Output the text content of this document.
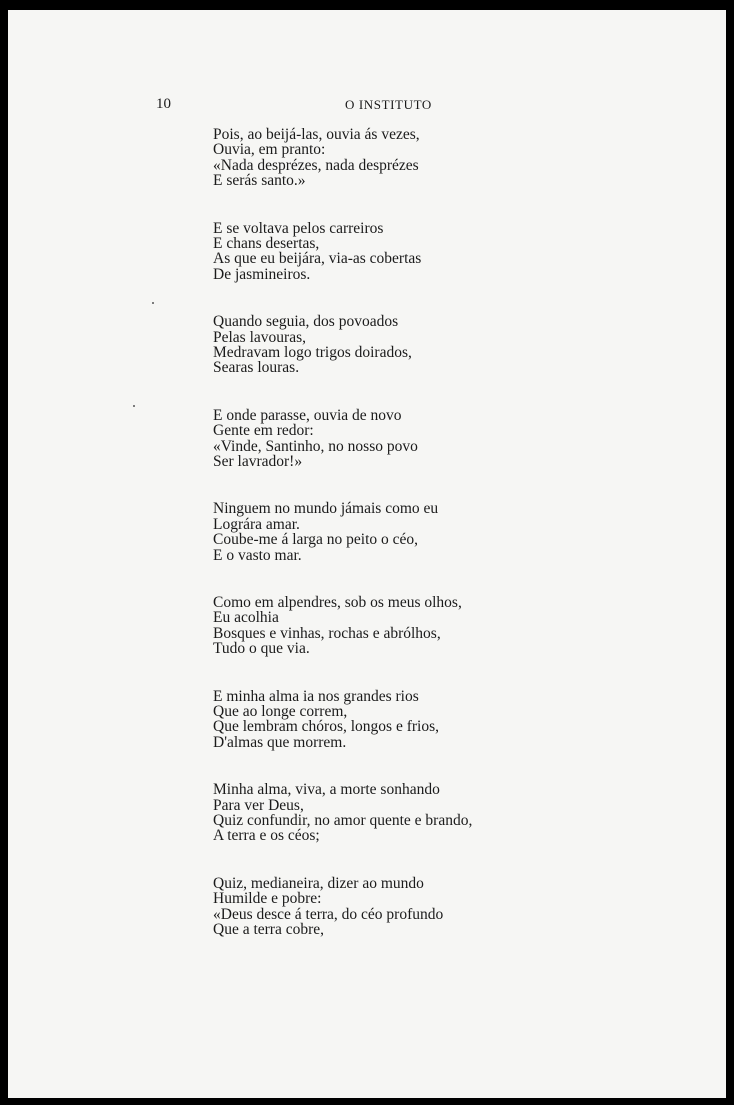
10	O INSTITUTO
Pois, ao beijá-las, ouvia ás vezes,
Ouvia, em pranto:
«Nada desprézes, nada desprézes
E serás santo.»
E se voltava pelos carreiros
E chans desertas,
As que eu beijára, via-as cobertas
De jasmineiros.
Quando seguia, dos povoados
Pelas lavouras,
Medravam logo trigos doirados,
Searas louras.
E onde parasse, ouvia de novo
Gente em redor:
«Vinde, Santinho, no nosso povo
Ser lavrador!»
Ninguem no mundo jámais como eu
Lográra amar.
Coube-me á larga no peito o céo,
E o vasto mar.
Como em alpendres, sob os meus olhos,
Eu acolhia
Bosques e vinhas, rochas e abrólhos,
Tudo o que via.
E minha alma ia nos grandes rios
Que ao longe correm,
Que lembram chóros, longos e frios,
D'almas que morrem.
Minha alma, viva, a morte sonhando
Para ver Deus,
Quiz confundir, no amor quente e brando,
A terra e os céos;
Quiz, medianeira, dizer ao mundo
Humilde e pobre:
«Deus desce á terra, do céo profundo
Que a terra cobre,
